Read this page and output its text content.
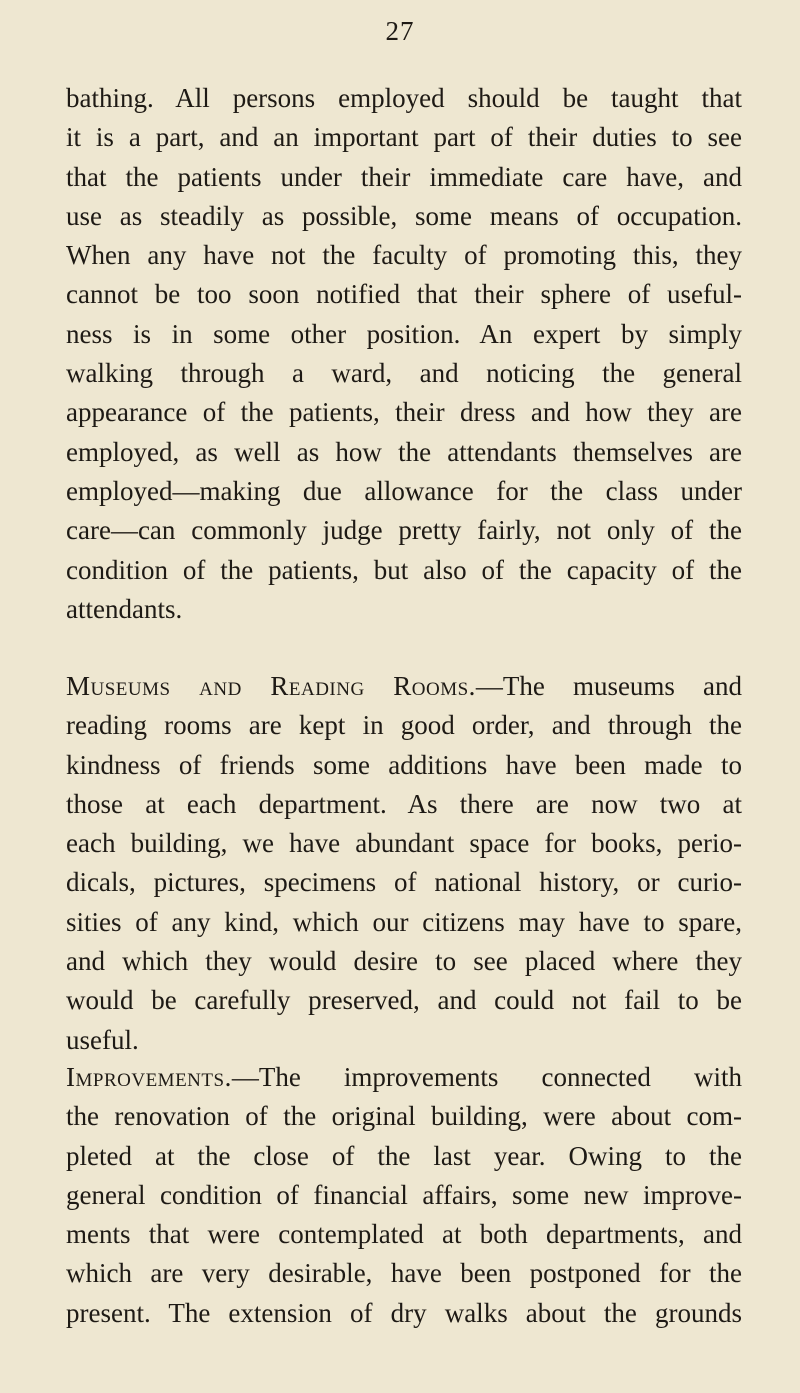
27
bathing. All persons employed should be taught that
it is a part, and an important part of their duties to see
that the patients under their immediate care have, and
use as steadily as possible, some means of occupation.
When any have not the faculty of promoting this, they
cannot be too soon notified that their sphere of useful-
ness is in some other position. An expert by simply
walking through a ward, and noticing the general
appearance of the patients, their dress and how they are
employed, as well as how the attendants themselves are
employed—making due allowance for the class under
care—can commonly judge pretty fairly, not only of the
condition of the patients, but also of the capacity of the
attendants.
Museums and Reading Rooms.—The museums and
reading rooms are kept in good order, and through the
kindness of friends some additions have been made to
those at each department. As there are now two at
each building, we have abundant space for books, perio-
dicals, pictures, specimens of national history, or curio-
sities of any kind, which our citizens may have to spare,
and which they would desire to see placed where they
would be carefully preserved, and could not fail to be
useful.
Improvements.—The improvements connected with
the renovation of the original building, were about com-
pleted at the close of the last year. Owing to the
general condition of financial affairs, some new improve-
ments that were contemplated at both departments, and
which are very desirable, have been postponed for the
present. The extension of dry walks about the grounds
